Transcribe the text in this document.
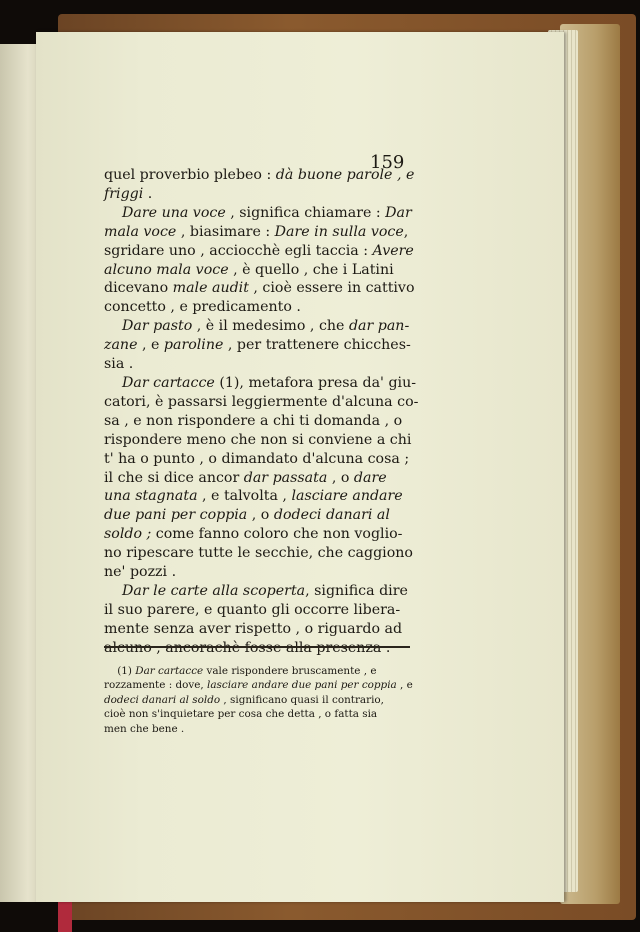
159
quel proverbio plebeo : dà buone parole , e
friggi .
Dare una voce , significa chiamare : Dar
mala voce , biasimare : Dare in sulla voce,
sgridare uno , acciocchè egli taccia : Avere
alcuno mala voce , è quello , che i Latini
dicevano male audit , cioè essere in cattivo
concetto , e predicamento .
Dar pasto , è il medesimo , che dar pan-
zane , e paroline , per trattenere chicches-
sia .
Dar cartacce (1), metafora presa da' giu-
catori, è passarsi leggiermente d'alcuna co-
sa , e non rispondere a chi ti domanda , o
rispondere meno che non si conviene a chi
t' ha o punto , o dimandato d'alcuna cosa ;
il che si dice ancor dar passata , o dare
una stagnata , e talvolta , lasciare andare
due pani per coppia , o dodeci danari al
soldo ; come fanno coloro che non voglio-
no ripescare tutte le secchie, che caggiono
ne' pozzi .
Dar le carte alla scoperta, significa dire
il suo parere, e quanto gli occorre libera-
mente senza aver rispetto , o riguardo ad
(1) Dar cartacce vale rispondere bruscamente , e
rozzamente : dove, lasciare andare due pani per coppia , e
dodeci danari al soldo , significano quasi il contrario,
cioè non s'inquietare per cosa che detta , o fatta sia
men che bene .
